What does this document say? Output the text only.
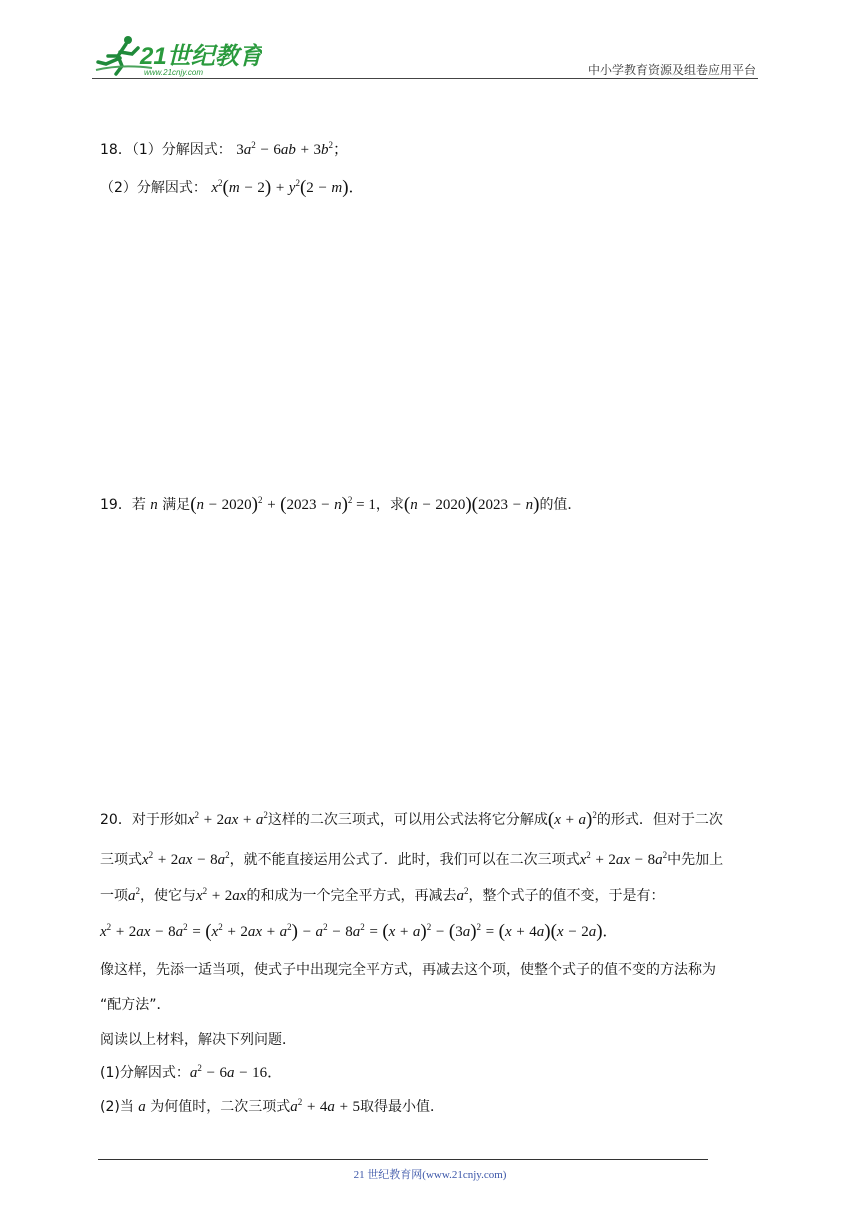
21世纪教育
www.21cnjy.com	中小学教育资源及组卷应用平台
18．（1）分解因式： $3a^2 - 6ab + 3b^2$；
（2）分解因式： $x^2(m - 2) + y^2(2 - m)$．
19．若 n 满足$(n - 2020)^2 + (2023 - n)^2 = 1$，求(n − 2020)(2023 − n)的值．
20．对于形如$x^2 + 2ax + a^2$这样的二次三项式，可以用公式法将它分解成$(x + a)^2$的形式．但对于二次
三项式$x^2 + 2ax - 8a^2$，就不能直接运用公式了．此时，我们可以在二次三项式$x^2 + 2ax - 8a^2$中先加上
一项$a^2$，使它与$x^2 + 2ax$的和成为一个完全平方式，再减去$a^2$，整个式子的值不变，于是有：
$x^2 + 2ax - 8a^2 = (x^2 + 2ax + a^2) - a^2 - 8a^2 = (x + a)^2 - (3a)^2 = (x + 4a)(x - 2a)$．
像这样，先添一适当项，使式子中出现完全平方式，再减去这个项，使整个式子的值不变的方法称为
“配方法”．
阅读以上材料，解决下列问题．
(1)分解因式：$a^2 - 6a - 16$．
(2)当 a 为何值时，二次三项式$a^2 + 4a + 5$取得最小值．
21 世纪教育网(www.21cnjy.com)
